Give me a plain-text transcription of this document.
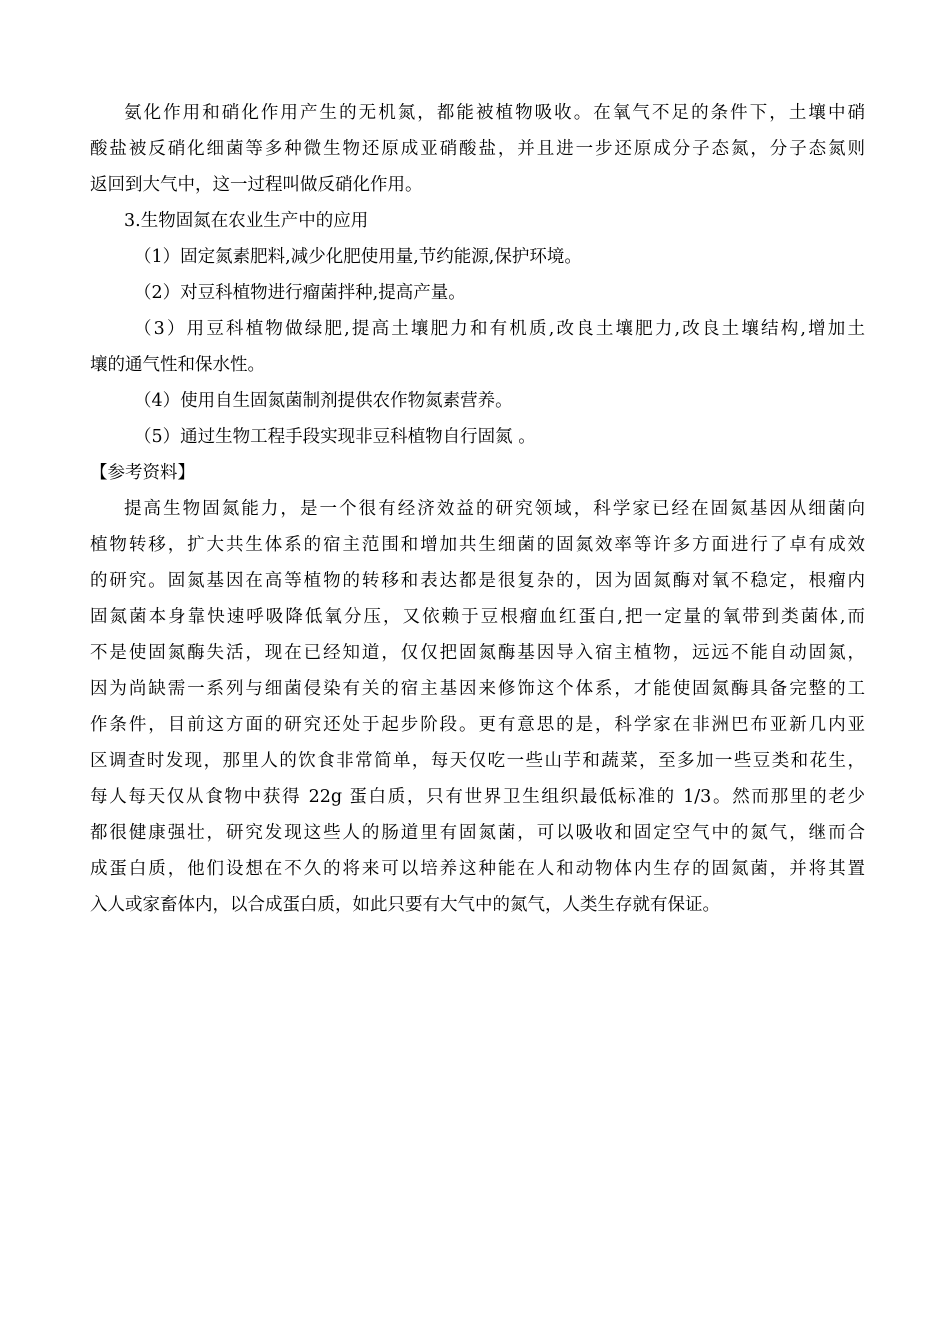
氨化作用和硝化作用产生的无机氮，都能被植物吸收。在氧气不足的条件下，土壤中硝
酸盐被反硝化细菌等多种微生物还原成亚硝酸盐，并且进一步还原成分子态氮，分子态氮则
返回到大气中，这一过程叫做反硝化作用。
3.生物固氮在农业生产中的应用
（1）固定氮素肥料,减少化肥使用量,节约能源,保护环境。
（2）对豆科植物进行瘤菌拌种,提高产量。
（3）用豆科植物做绿肥,提高土壤肥力和有机质,改良土壤肥力,改良土壤结构,增加土
壤的通气性和保水性。
（4）使用自生固氮菌制剂提供农作物氮素营养。
（5）通过生物工程手段实现非豆科植物自行固氮 。
【参考资料】
提高生物固氮能力，是一个很有经济效益的研究领域，科学家已经在固氮基因从细菌向
植物转移，扩大共生体系的宿主范围和增加共生细菌的固氮效率等许多方面进行了卓有成效
的研究。固氮基因在高等植物的转移和表达都是很复杂的，因为固氮酶对氧不稳定，根瘤内
固氮菌本身靠快速呼吸降低氧分压，又依赖于豆根瘤血红蛋白,把一定量的氧带到类菌体,而
不是使固氮酶失活，现在已经知道，仅仅把固氮酶基因导入宿主植物，远远不能自动固氮，
因为尚缺需一系列与细菌侵染有关的宿主基因来修饰这个体系，才能使固氮酶具备完整的工
作条件，目前这方面的研究还处于起步阶段。更有意思的是，科学家在非洲巴布亚新几内亚
区调查时发现，那里人的饮食非常简单，每天仅吃一些山芋和蔬菜，至多加一些豆类和花生，
每人每天仅从食物中获得 22g 蛋白质，只有世界卫生组织最低标准的 1/3。然而那里的老少
都很健康强壮，研究发现这些人的肠道里有固氮菌，可以吸收和固定空气中的氮气，继而合
成蛋白质，他们设想在不久的将来可以培养这种能在人和动物体内生存的固氮菌，并将其置
入人或家畜体内，以合成蛋白质，如此只要有大气中的氮气，人类生存就有保证。
